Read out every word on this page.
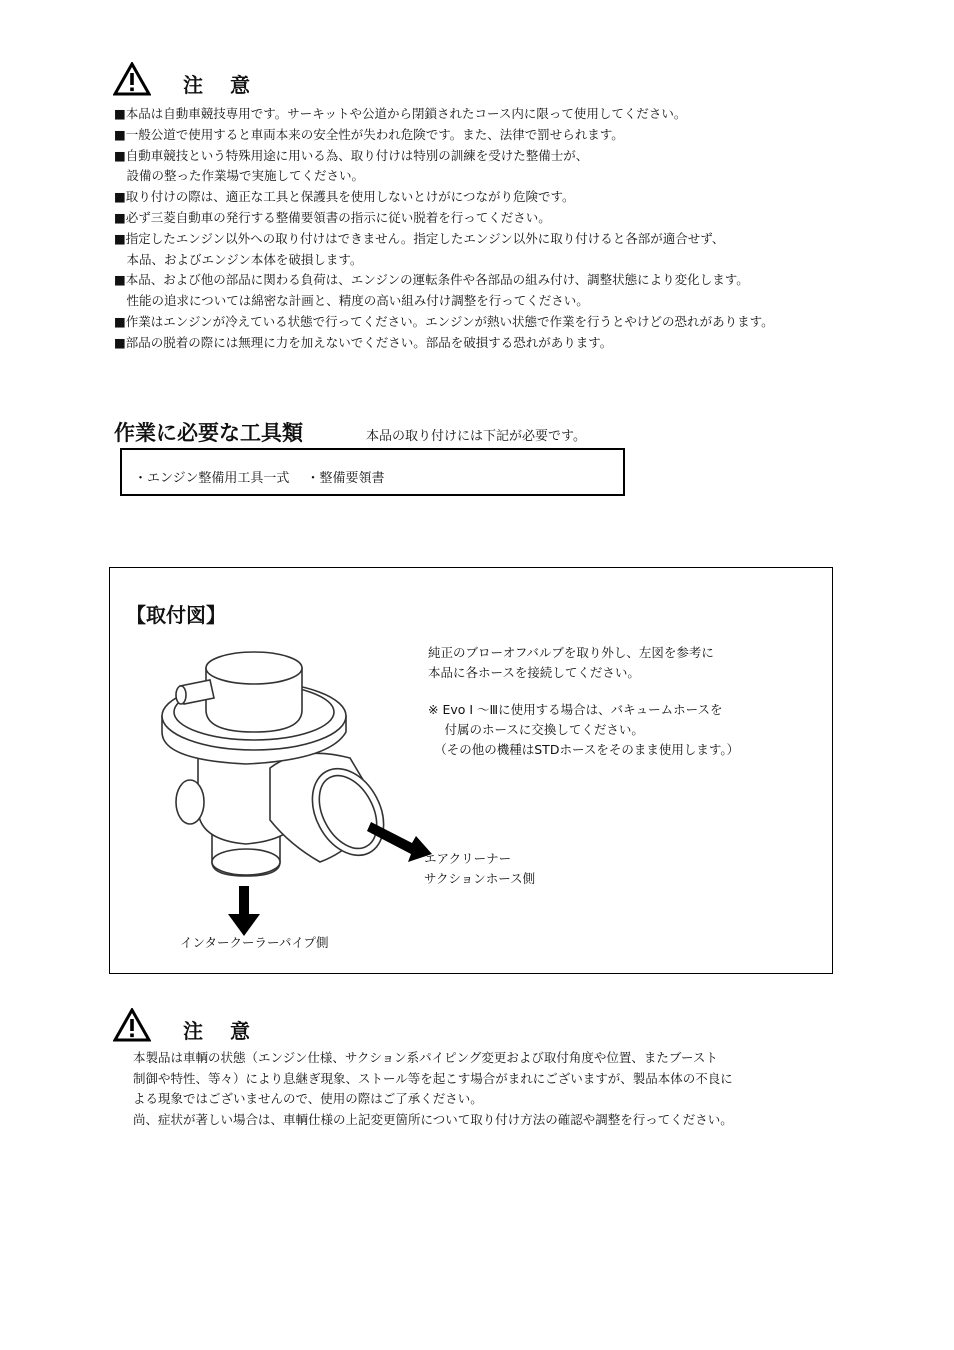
注 意
■本品は自動車競技専用です。サーキットや公道から閉鎖されたコース内に限って使用してください。
■一般公道で使用すると車両本来の安全性が失われ危険です。また、法律で罰せられます。
■自動車競技という特殊用途に用いる為、取り付けは特別の訓練を受けた整備士が、
　設備の整った作業場で実施してください。
■取り付けの際は、適正な工具と保護具を使用しないとけがにつながり危険です。
■必ず三菱自動車の発行する整備要領書の指示に従い脱着を行ってください。
■指定したエンジン以外への取り付けはできません。指定したエンジン以外に取り付けると各部が適合せず、
　本品、およびエンジン本体を破損します。
■本品、および他の部品に関わる負荷は、エンジンの運転条件や各部品の組み付け、調整状態により変化します。
　性能の追求については綿密な計画と、精度の高い組み付け調整を行ってください。
■作業はエンジンが冷えている状態で行ってください。エンジンが熱い状態で作業を行うとやけどの恐れがあります。
■部品の脱着の際には無理に力を加えないでください。部品を破損する恐れがあります。
作業に必要な工具類	本品の取り付けには下記が必要です。
・エンジン整備用工具一式　 ・整備要領書
【取付図】
純正のブローオフバルブを取り外し、左図を参考に
本品に各ホースを接続してください。
※ Evo Ⅰ ～Ⅲに使用する場合は、バキュームホースを
　 付属のホースに交換してください。
　（その他の機種はSTDホースをそのまま使用します。）
エアクリーナー
サクションホース側
インタークーラーパイプ側
注 意
本製品は車輌の状態（エンジン仕様、サクション系パイピング変更および取付角度や位置、またブースト
制御や特性、等々）により息継ぎ現象、ストール等を起こす場合がまれにございますが、製品本体の不良に
よる現象ではございませんので、使用の際はご了承ください。
尚、症状が著しい場合は、車輌仕様の上記変更箇所について取り付け方法の確認や調整を行ってください。
